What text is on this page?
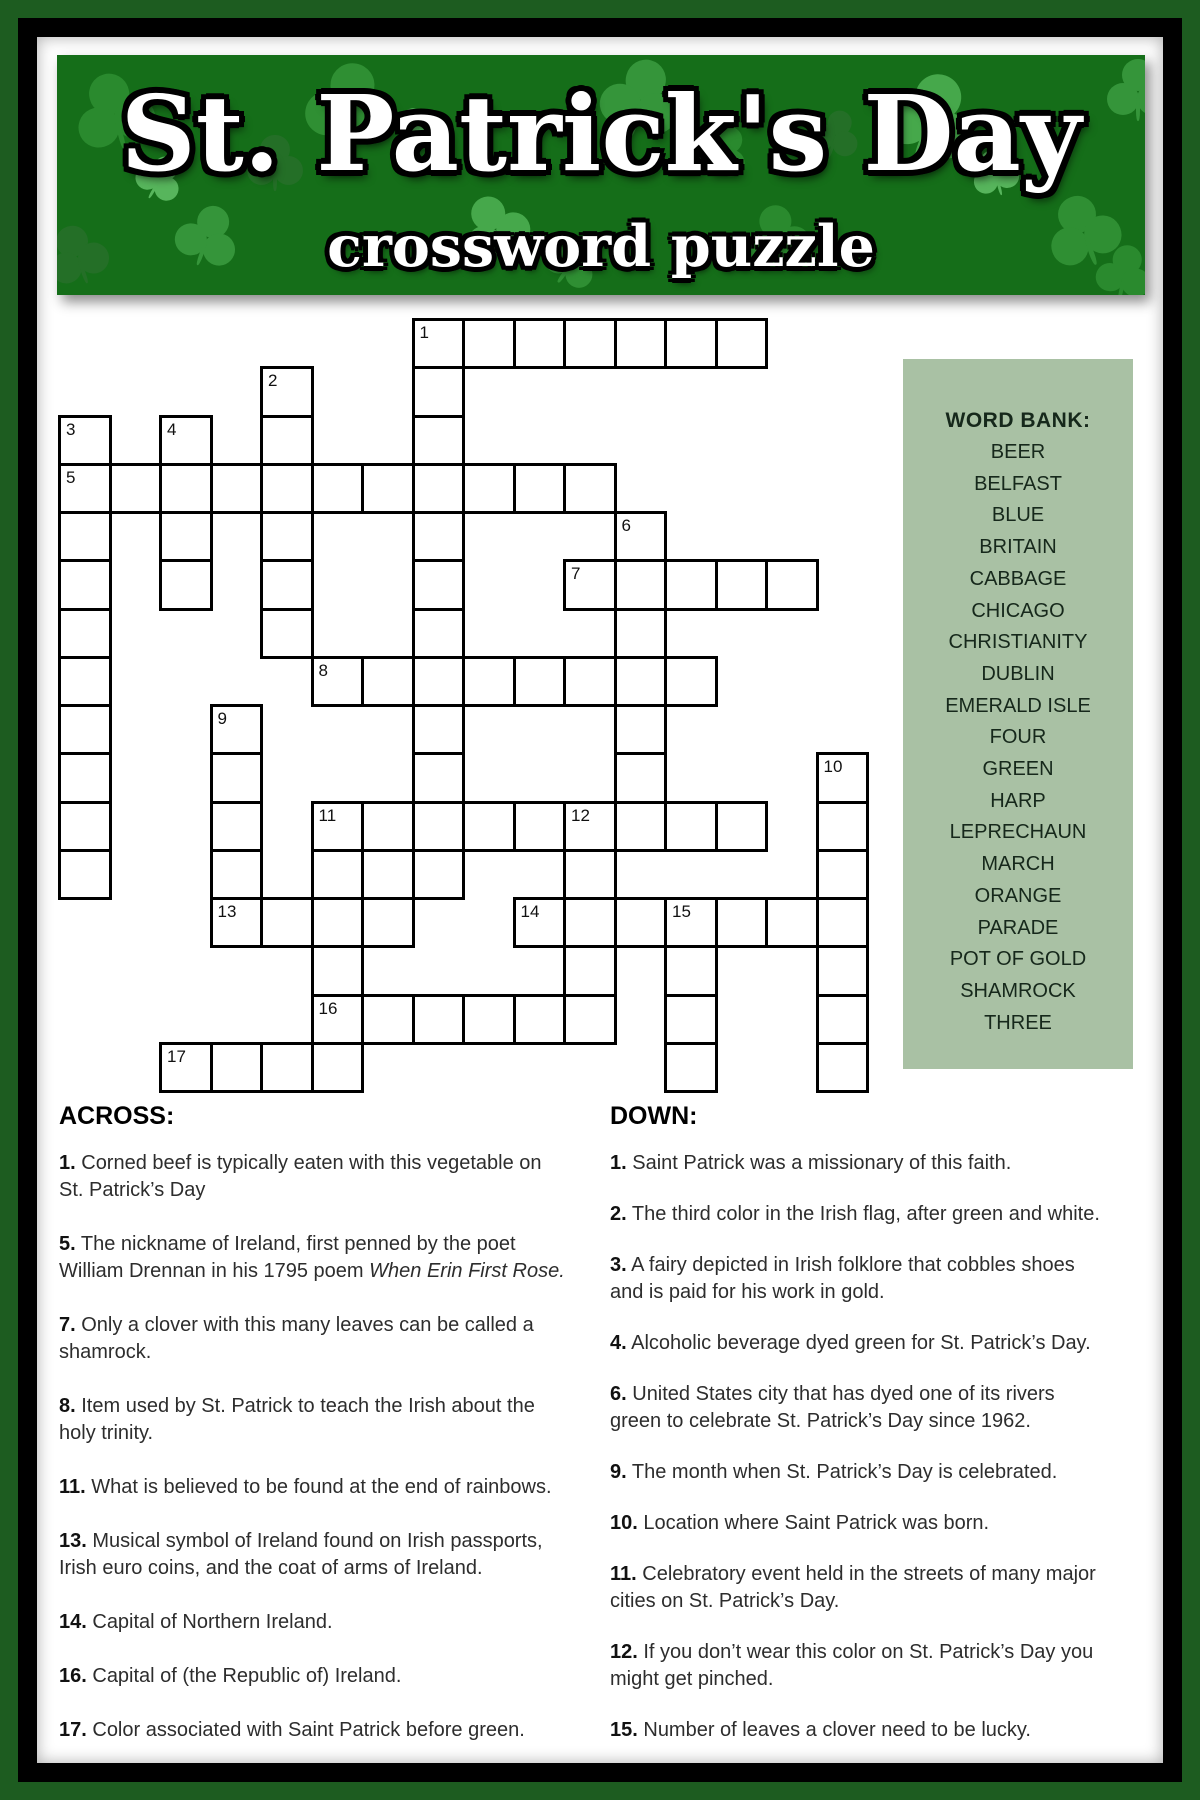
St. Patrick's Day
crossword puzzle
1
2
3	4
5
6
7
8
9
10
11	12
13	14	15
16
17
WORD BANK:
BEER
BELFAST
BLUE
BRITAIN
CABBAGE
CHICAGO
CHRISTIANITY
DUBLIN
EMERALD ISLE
FOUR
GREEN
HARP
LEPRECHAUN
MARCH
ORANGE
PARADE
POT OF GOLD
SHAMROCK
THREE
ACROSS:
1. Corned beef is typically eaten with this vegetable on
St. Patrick’s Day
5. The nickname of Ireland, first penned by the poet
William Drennan in his 1795 poem When Erin First Rose.
7. Only a clover with this many leaves can be called a
shamrock.
8. Item used by St. Patrick to teach the Irish about the
holy trinity.
11. What is believed to be found at the end of rainbows.
13. Musical symbol of Ireland found on Irish passports,
Irish euro coins, and the coat of arms of Ireland.
14. Capital of Northern Ireland.
16. Capital of (the Republic of) Ireland.
17. Color associated with Saint Patrick before green.
DOWN:
1. Saint Patrick was a missionary of this faith.
2. The third color in the Irish flag, after green and white.
3. A fairy depicted in Irish folklore that cobbles shoes
and is paid for his work in gold.
4. Alcoholic beverage dyed green for St. Patrick’s Day.
6. United States city that has dyed one of its rivers
green to celebrate St. Patrick’s Day since 1962.
9. The month when St. Patrick’s Day is celebrated.
10. Location where Saint Patrick was born.
11. Celebratory event held in the streets of many major
cities on St. Patrick’s Day.
12. If you don’t wear this color on St. Patrick’s Day you
might get pinched.
15. Number of leaves a clover need to be lucky.
